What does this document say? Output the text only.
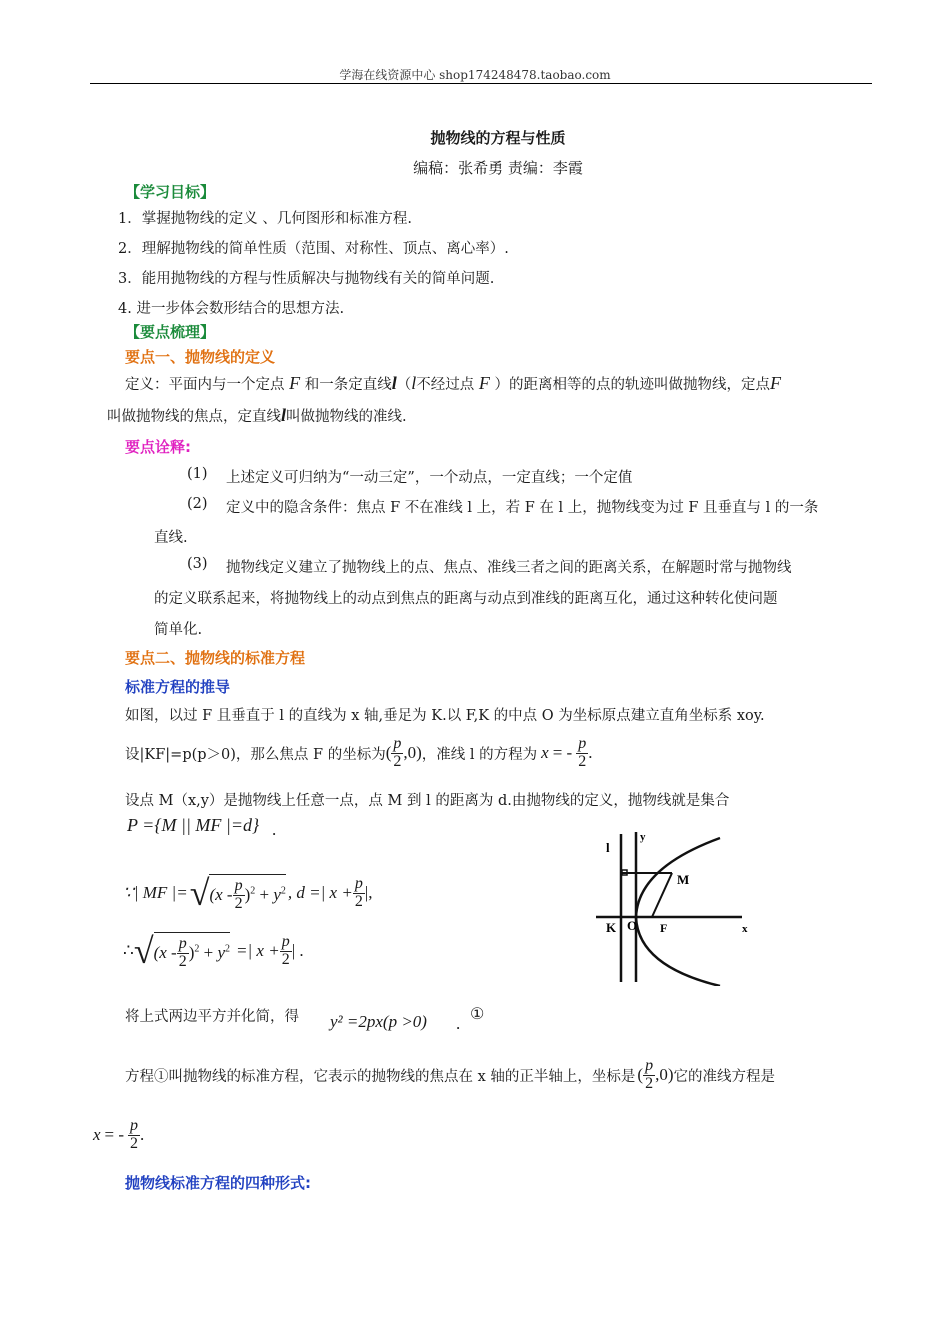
学海在线资源中心 shop174248478.taobao.com
抛物线的方程与性质
编稿：张希勇 责编：李霞
【学习目标】
1．掌握抛物线的定义 、几何图形和标准方程.
2．理解抛物线的简单性质（范围、对称性、顶点、离心率）.
3．能用抛物线的方程与性质解决与抛物线有关的简单问题.
4. 进一步体会数形结合的思想方法.
【要点梳理】
要点一、抛物线的定义
定义：平面内与一个定点 F 和一条定直线l（l不经过点 F ）的距离相等的点的轨迹叫做抛物线，定点F
叫做抛物线的焦点，定直线l叫做抛物线的准线.
要点诠释:
(1) 上述定义可归纳为“一动三定”，一个动点，一定直线；一个定值
(2) 定义中的隐含条件：焦点 F 不在准线 l 上，若 F 在 l 上，抛物线变为过 F 且垂直与 l 的一条
直线.
(3) 抛物线定义建立了抛物线上的点、焦点、准线三者之间的距离关系，在解题时常与抛物线
的定义联系起来，将抛物线上的动点到焦点的距离与动点到准线的距离互化，通过这种转化使问题
简单化.
要点二、抛物线的标准方程
标准方程的推导
如图，以过 F 且垂直于 l 的直线为 x 轴,垂足为 K.以 F,K 的中点 O 为坐标原点建立直角坐标系 xoy.
设|KF|=p(p＞0)，那么焦点 F 的坐标为 ( $\frac{p}{2} ,0$) ，准线 l 的方程为 x = - $\frac{p}{2}$ .
设点 M（x,y）是抛物线上任意一点，点 M 到 l 的距离为 d.由抛物线的定义，抛物线就是集合
P ={M || MF |=d} .
∵| MF |= √ $(x - \frac{p}{2} )^2 + y^2$ , d =| $x + \frac{p}{2}$ |,
∴ √ $(x - \frac{p}{2} )^2 + y^2$ =| $x + \frac{p}{2}$ | .
将上式两边平方并化简，得 y² =2px(p >0) .
①
方程①叫抛物线的标准方程，它表示的抛物线的焦点在 x 轴的正半轴上，坐标是 ( $\frac{p}{2} ,0$) 它的准线方程是
x = - $\frac{p}{2}$ .
抛物线标准方程的四种形式:
l
y
M
K O F	x
